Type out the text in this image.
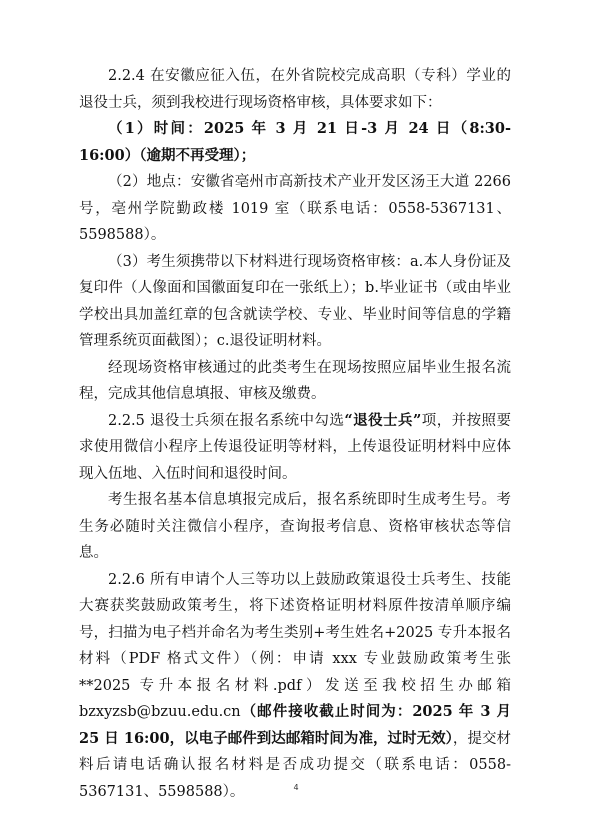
2.2.4 在安徽应征入伍，在外省院校完成高职（专科）学业的退役士兵，须到我校进行现场资格审核，具体要求如下：

（1）时间：2025 年 3 月 21 日-3 月 24 日（8:30-16:00）（逾期不再受理）；

（2）地点：安徽省亳州市高新技术产业开发区汤王大道 2266 号，亳州学院勤政楼 1019 室（联系电话：0558-5367131、5598588）。

（3）考生须携带以下材料进行现场资格审核：a.本人身份证及复印件（人像面和国徽面复印在一张纸上）；b.毕业证书（或由毕业学校出具加盖红章的包含就读学校、专业、毕业时间等信息的学籍管理系统页面截图）；c.退役证明材料。

经现场资格审核通过的此类考生在现场按照应届毕业生报名流程，完成其他信息填报、审核及缴费。

2.2.5 退役士兵须在报名系统中勾选“退役士兵”项，并按照要求使用微信小程序上传退役证明等材料，上传退役证明材料中应体现入伍地、入伍时间和退役时间。

考生报名基本信息填报完成后，报名系统即时生成考生号。考生务必随时关注微信小程序，查询报考信息、资格审核状态等信息。

2.2.6 所有申请个人三等功以上鼓励政策退役士兵考生、技能大赛获奖鼓励政策考生，将下述资格证明材料原件按清单顺序编号，扫描为电子档并命名为考生类别+考生姓名+2025 专升本报名材料（PDF 格式文件）（例：申请 xxx 专业鼓励政策考生张**2025 专升本报名材料.pdf）发送至我校招生办邮箱 bzxyzsb@bzuu.edu.cn（邮件接收截止时间为：2025 年 3 月 25 日 16:00，以电子邮件到达邮箱时间为准，过时无效），提交材料后请电话确认报名材料是否成功提交（联系电话：0558-5367131、5598588）。	4
